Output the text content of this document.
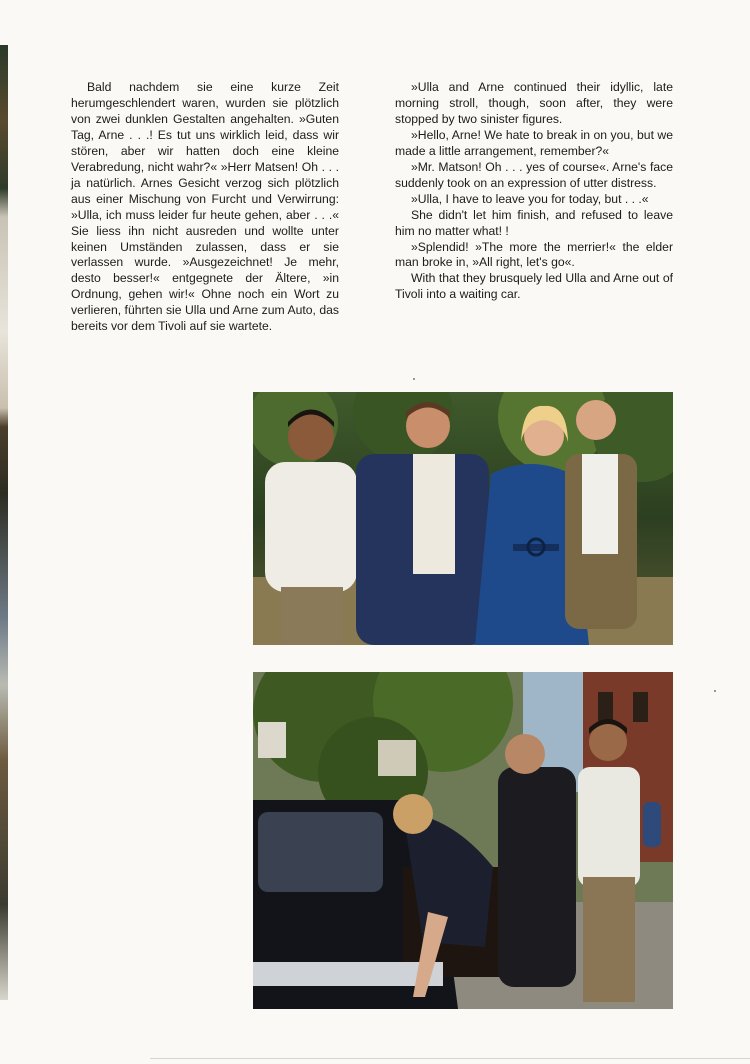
Bald nachdem sie eine kurze Zeit herumgeschlendert waren, wurden sie plötzlich von zwei dunklen Gestalten angehalten. »Guten Tag, Arne . . .! Es tut uns wirklich leid, dass wir stören, aber wir hatten doch eine kleine Verabredung, nicht wahr?« »Herr Matsen! Oh . . . ja natürlich. Arnes Gesicht verzog sich plötzlich aus einer Mischung von Furcht und Verwirrung: »Ulla, ich muss leider fur heute gehen, aber . . .« Sie liess ihn nicht ausreden und wollte unter keinen Umständen zulassen, dass er sie verlassen wurde. »Ausgezeichnet! Je mehr, desto besser!« entgegnete der Ältere, »in Ordnung, gehen wir!« Ohne noch ein Wort zu verlieren, führten sie Ulla und Arne zum Auto, das bereits vor dem Tivoli auf sie wartete.

»Ulla and Arne continued their idyllic, late morning stroll, though, soon after, they were stopped by two sinister figures.

»Hello, Arne! We hate to break in on you, but we made a little arrangement, remember?«

»Mr. Matson! Oh . . . yes of course«. Arne's face suddenly took on an expression of utter distress.

»Ulla, I have to leave you for today, but . . .«

She didn't let him finish, and refused to leave him no matter what! !

»Splendid! »The more the merrier!« the elder man broke in, »All right, let's go«.

With that they brusquely led Ulla and Arne out of Tivoli into a waiting car.
